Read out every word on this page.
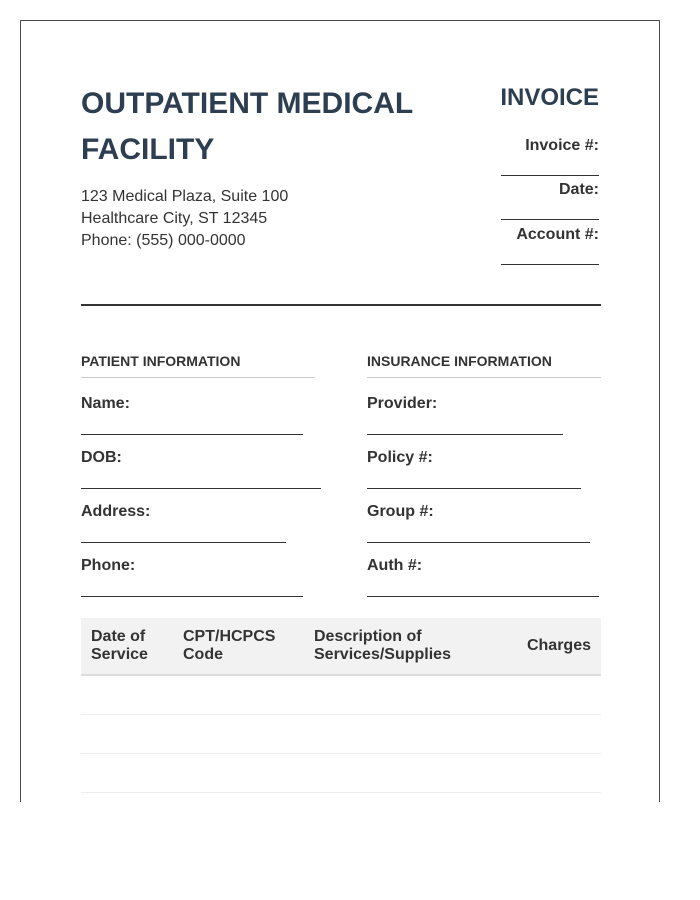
OUTPATIENT MEDICAL FACILITY
123 Medical Plaza, Suite 100
Healthcare City, ST 12345
Phone: (555) 000-0000
INVOICE
Invoice #:
Date:
Account #:
PATIENT INFORMATION
Name:
DOB:
Address:
Phone:
INSURANCE INFORMATION
Provider:
Policy #:
Group #:
Auth #:
Date of Service
CPT/HCPCS Code
Description of Services/Supplies
Charges
